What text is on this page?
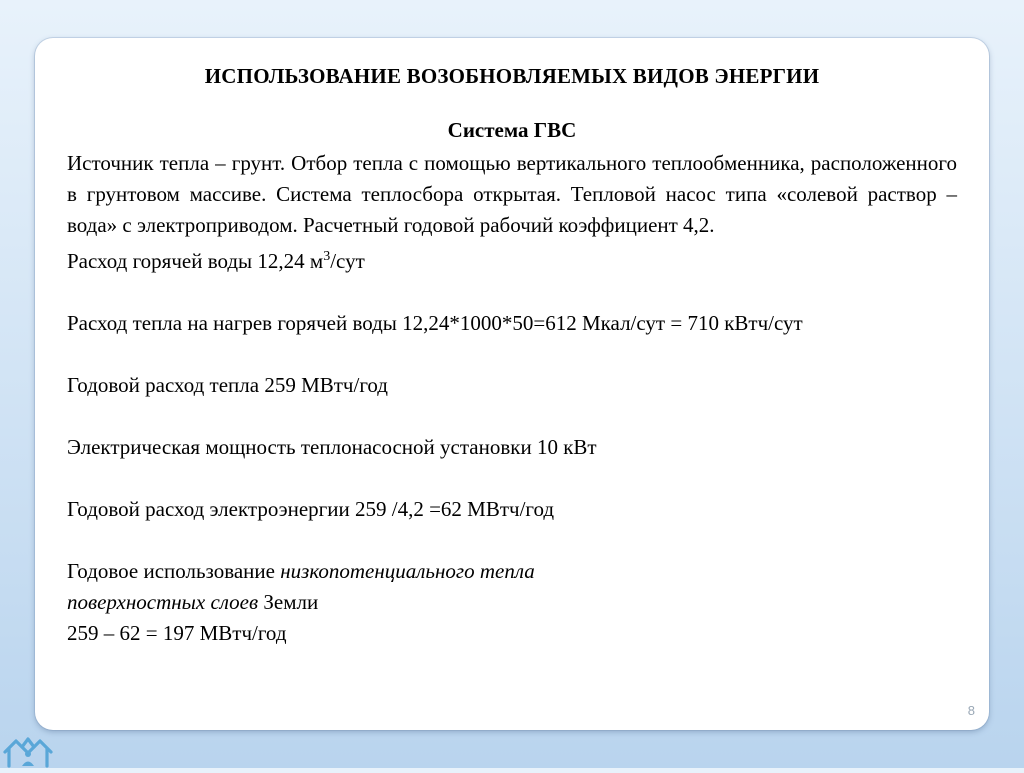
ИСПОЛЬЗОВАНИЕ ВОЗОБНОВЛЯЕМЫХ ВИДОВ ЭНЕРГИИ
Система ГВС

Источник тепла – грунт. Отбор тепла с помощью вертикального теплообменника, расположенного в грунтовом массиве. Система теплосбора открытая. Тепловой насос типа «солевой раствор – вода» с электроприводом. Расчетный годовой рабочий коэффициент 4,2.

Расход горячей воды 12,24 $м^3$/сут

Расход тепла на нагрев горячей воды 12,24*1000*50=612 Мкал/сут = 710 кВтч/сут

Годовой расход тепла 259 МВтч/год

Электрическая мощность теплонасосной установки 10 кВт

Годовой расход электроэнергии 259 /4,2 =62 МВтч/год

Годовое использование низкопотенциального тепла

поверхностных слоев Земли

259 – 62 = 197 МВтч/год

8
